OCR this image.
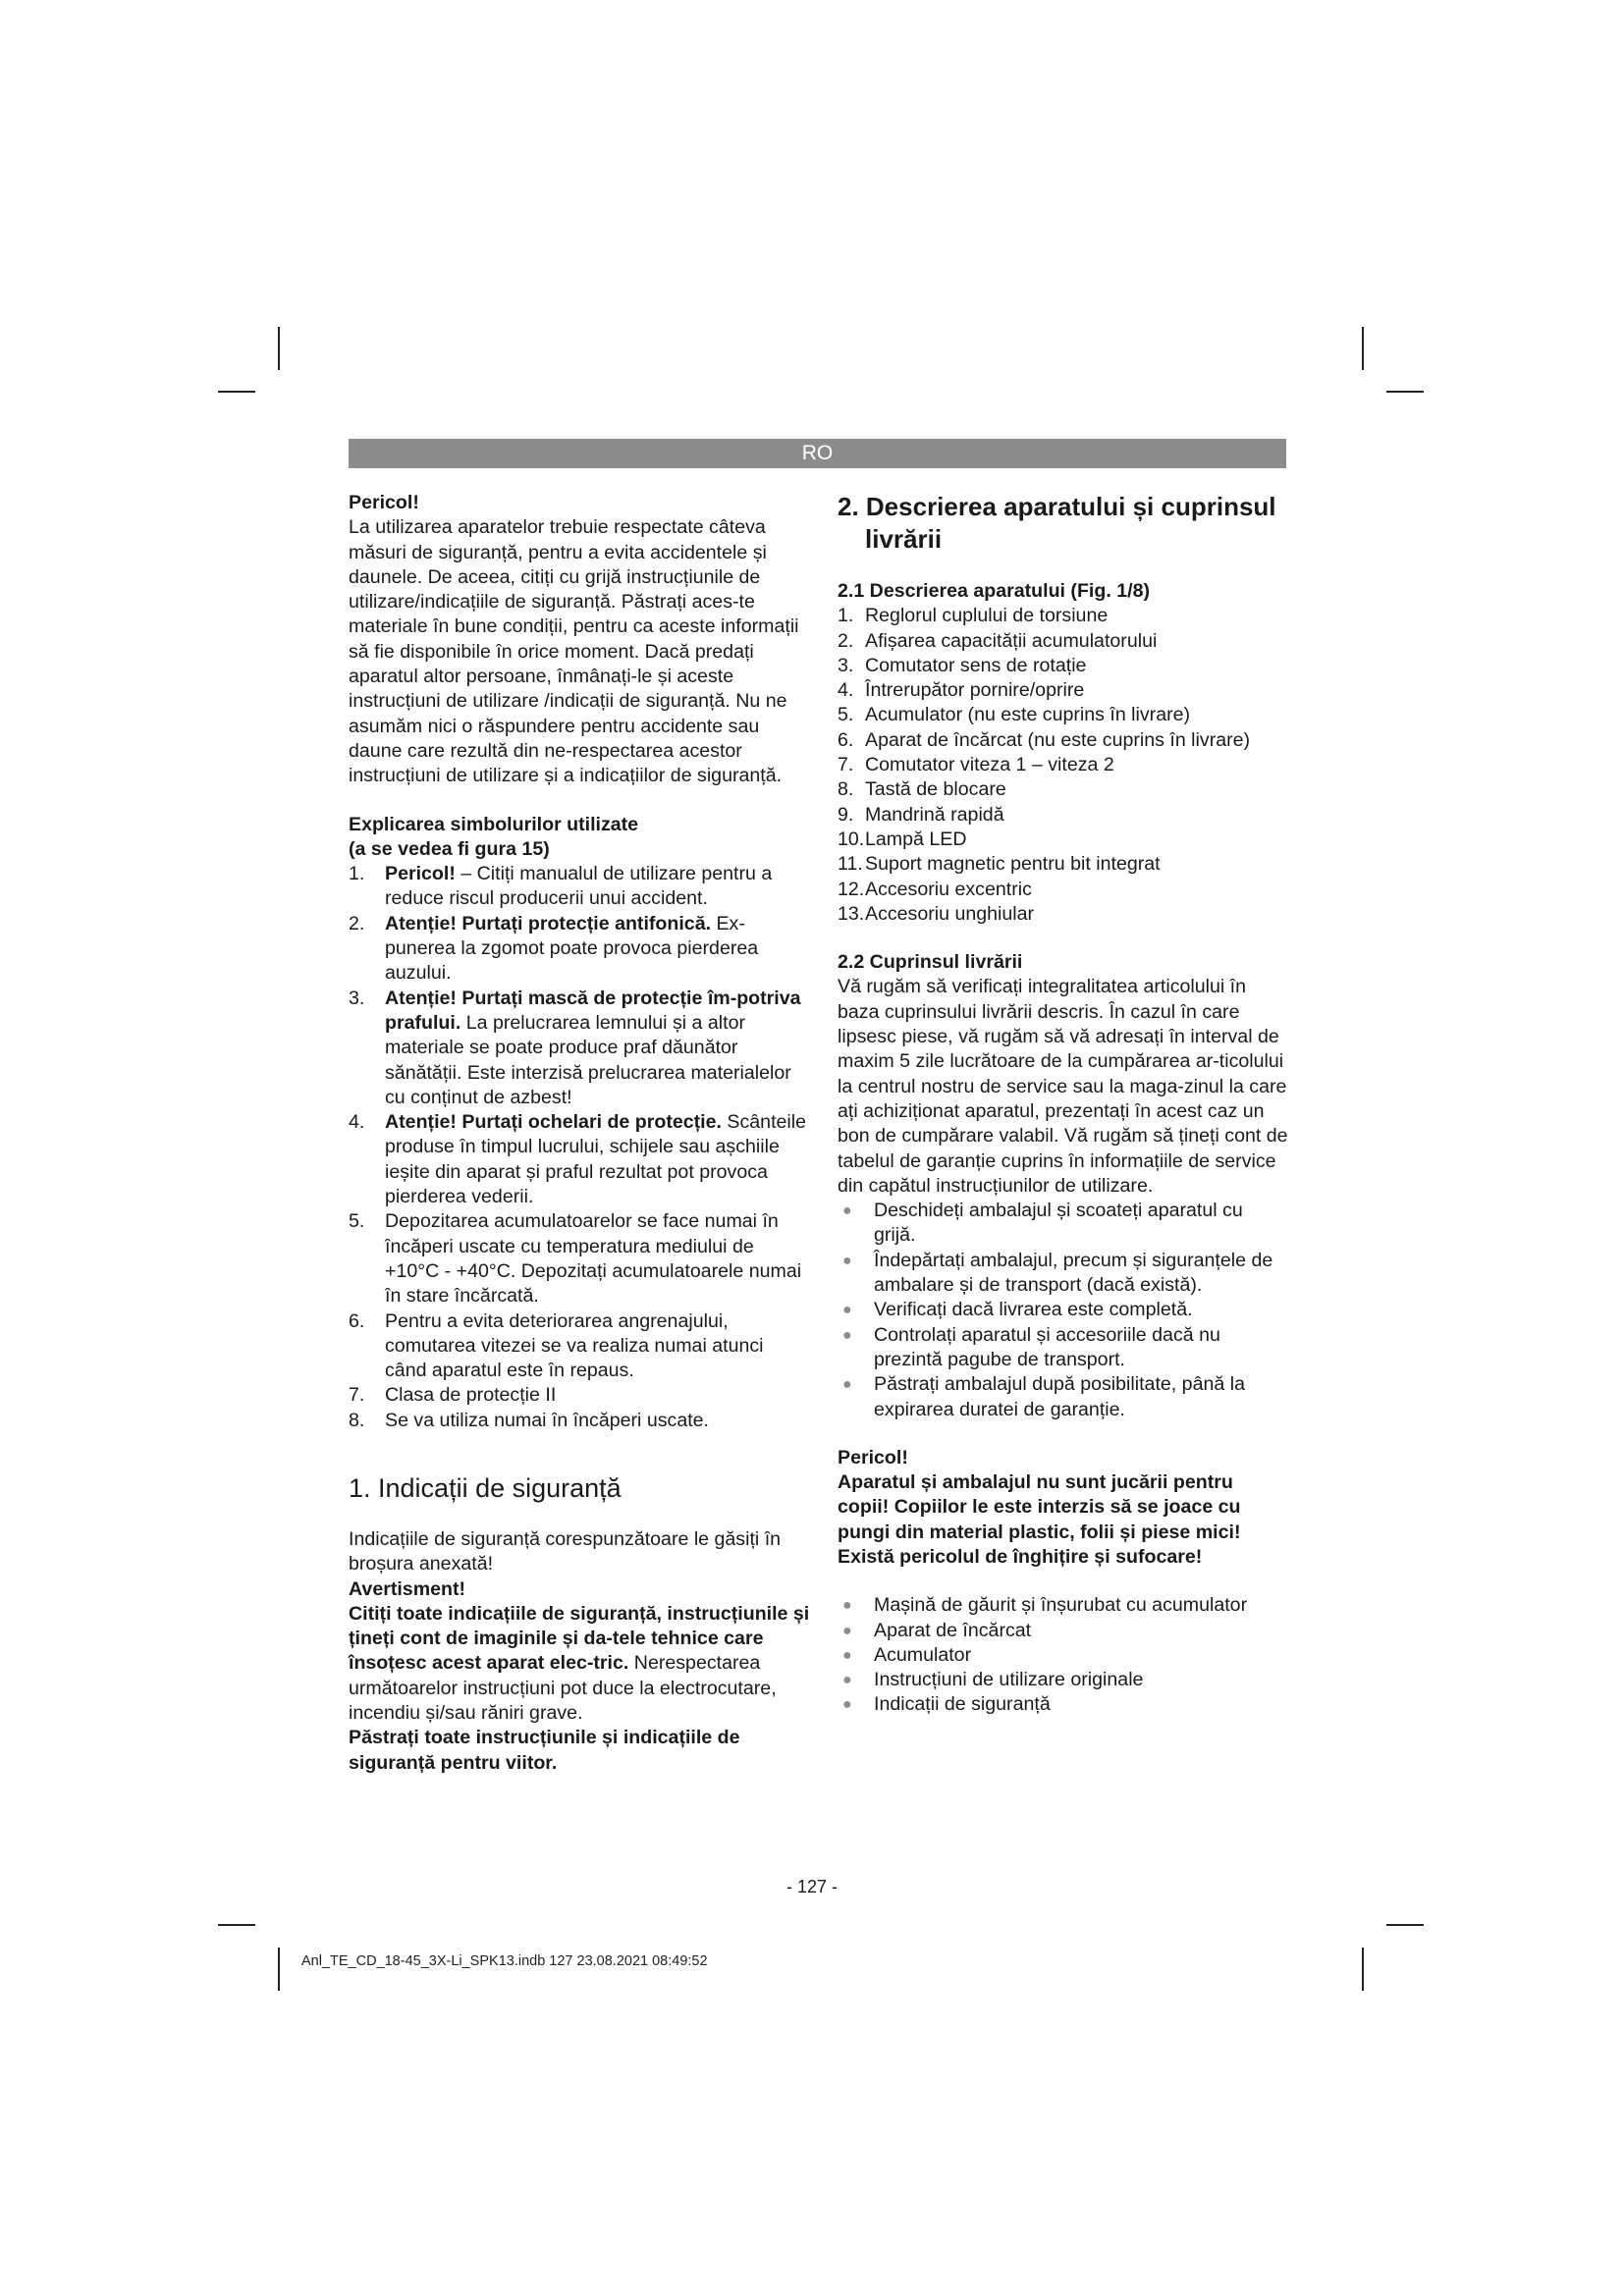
RO

Pericol!

La utilizarea aparatelor trebuie respectate câteva măsuri de siguranță, pentru a evita accidentele și daunele. De aceea, citiți cu grijă instrucțiunile de utilizare/indicațiile de siguranță. Păstrați aces-te materiale în bune condiții, pentru ca aceste informații să fie disponibile în orice moment. Dacă predați aparatul altor persoane, înmânați-le și aceste instrucțiuni de utilizare /indicații de siguranță. Nu ne asumăm nici o răspundere pentru accidente sau daune care rezultă din ne-respectarea acestor instrucțiuni de utilizare și a indicațiilor de siguranță.

Explicarea simbolurilor utilizate

(a se vedea fi gura 15)

1. Pericol! – Citiți manualul de utilizare pentru a reduce riscul producerii unui accident.
2. Atenție! Purtați protecție antifonică. Ex-punerea la zgomot poate provoca pierderea auzului.
3. Atenție! Purtați mască de protecție îm-potriva prafului. La prelucrarea lemnului și a altor materiale se poate produce praf dăunător sănătății. Este interzisă prelucrarea materialelor cu conținut de azbest!
4. Atenție! Purtați ochelari de protecție. Scânteile produse în timpul lucrului, schijele sau așchiile ieșite din aparat și praful rezultat pot provoca pierderea vederii.
5. Depozitarea acumulatoarelor se face numai în încăperi uscate cu temperatura mediului de +10°C - +40°C. Depozitați acumulatoarele numai în stare încărcată.
6. Pentru a evita deteriorarea angrenajului, comutarea vitezei se va realiza numai atunci când aparatul este în repaus.
7. Clasa de protecție II
8. Se va utiliza numai în încăperi uscate.
1. Indicații de siguranță

Indicațiile de siguranță corespunzătoare le găsiți în broșura anexată!

Avertisment!

Citiți toate indicațiile de siguranță, instrucțiunile și țineți cont de imaginile și da-tele tehnice care însoțesc acest aparat elec-tric. Nerespectarea următoarelor instrucțiuni pot duce la electrocutare, incendiu și/sau răniri grave.

Păstrați toate instrucțiunile și indicațiile de siguranță pentru viitor.

2. Descrierea aparatului și cuprinsul livrării

2.1 Descrierea aparatului (Fig. 1/8)

1. Reglorul cuplului de torsiune
2. Afișarea capacității acumulatorului
3. Comutator sens de rotație
4. Întrerupător pornire/oprire
5. Acumulator (nu este cuprins în livrare)
6. Aparat de încărcat (nu este cuprins în livrare)
7. Comutator viteza 1 – viteza 2
8. Tastă de blocare
9. Mandrină rapidă
10. Lampă LED
11. Suport magnetic pentru bit integrat
12. Accesoriu excentric
13. Accesoriu unghiular

2.2 Cuprinsul livrării

Vă rugăm să verificați integralitatea articolului în baza cuprinsului livrării descris. În cazul în care lipsesc piese, vă rugăm să vă adresați în interval de maxim 5 zile lucrătoare de la cumpărarea ar-ticolului la centrul nostru de service sau la maga-zinul la care ați achiziționat aparatul, prezentați în acest caz un bon de cumpărare valabil. Vă rugăm să țineți cont de tabelul de garanție cuprins în informațiile de service din capătul instrucțiunilor de utilizare.

● Deschideți ambalajul și scoateți aparatul cu grijă.
● Îndepărtați ambalajul, precum și siguranțele de ambalare și de transport (dacă există).
● Verificați dacă livrarea este completă.
● Controlați aparatul și accesoriile dacă nu prezintă pagube de transport.
● Păstrați ambalajul după posibilitate, până la expirarea duratei de garanție.

Pericol!

Aparatul și ambalajul nu sunt jucării pentru copii! Copiilor le este interzis să se joace cu pungi din material plastic, folii și piese mici! Există pericolul de înghițire și sufocare!

● Mașină de găurit și înșurubat cu acumulator
● Aparat de încărcat
● Acumulator
● Instrucțiuni de utilizare originale
● Indicații de siguranță
- 127 -
Anl_TE_CD_18-45_3X-Li_SPK13.indb 127 23.08.2021 08:49:52
